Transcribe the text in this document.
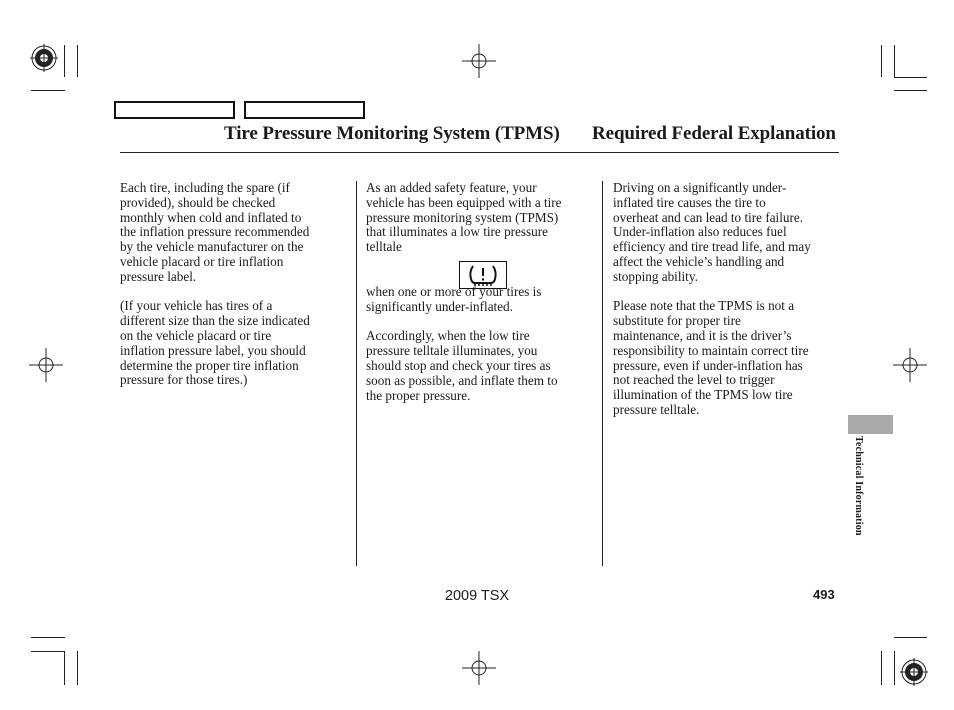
Tire Pressure Monitoring System (TPMS) Required Federal Explanation

Each tire, including the spare (if
provided), should be checked
monthly when cold and inflated to
the inflation pressure recommended
by the vehicle manufacturer on the
vehicle placard or tire inflation
pressure label.

(If your vehicle has tires of a
different size than the size indicated
on the vehicle placard or tire
inflation pressure label, you should
determine the proper tire inflation
pressure for those tires.)

As an added safety feature, your
vehicle has been equipped with a tire
pressure monitoring system (TPMS)
that illuminates a low tire pressure
telltale

when one or more of your tires is
significantly under-inflated.

Accordingly, when the low tire
pressure telltale illuminates, you
should stop and check your tires as
soon as possible, and inflate them to
the proper pressure.

Driving on a significantly under-
inflated tire causes the tire to
overheat and can lead to tire failure.
Under-inflation also reduces fuel
efficiency and tire tread life, and may
affect the vehicle’s handling and
stopping ability.

Please note that the TPMS is not a
substitute for proper tire
maintenance, and it is the driver’s
responsibility to maintain correct tire
pressure, even if under-inflation has
not reached the level to trigger
illumination of the TPMS low tire
pressure telltale.

Technical Information
2009 TSX	493
